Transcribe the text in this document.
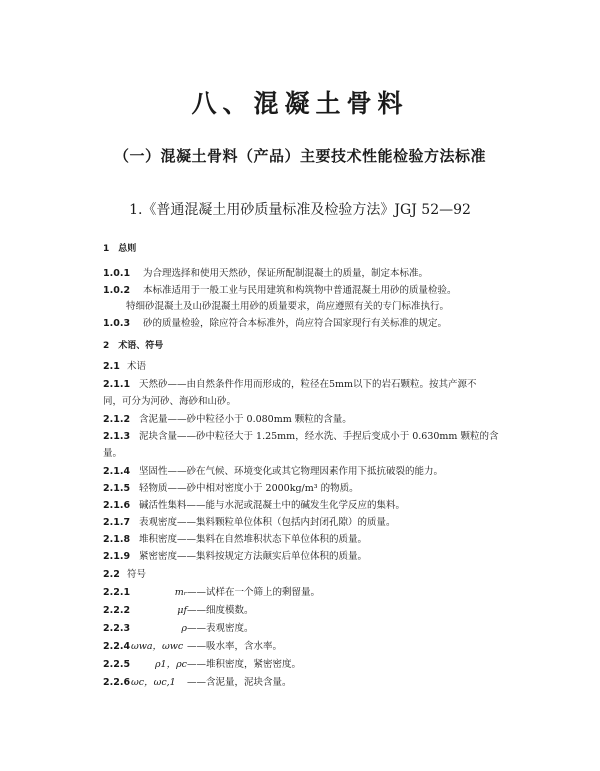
八、混凝土骨料
（一）混凝土骨料（产品）主要技术性能检验方法标准
1.《普通混凝土用砂质量标准及检验方法》JGJ 52—92
1　总则
1.0.1 为合理选择和使用天然砂，保证所配制混凝土的质量，制定本标准。
1.0.2 本标准适用于一般工业与民用建筑和构筑物中普通混凝土用砂的质量检验。
特细砂混凝土及山砂混凝土用砂的质量要求，尚应遵照有关的专门标准执行。
1.0.3 砂的质量检验，除应符合本标准外，尚应符合国家现行有关标准的规定。
2　术语、符号
2.1 术语
2.1.1 天然砂——由自然条件作用而形成的，粒径在5mm以下的岩石颗粒。按其产源不
同，可分为河砂、海砂和山砂。
2.1.2 含泥量——砂中粒径小于 0.080mm 颗粒的含量。
2.1.3 泥块含量——砂中粒径大于 1.25mm，经水洗、手捏后变成小于 0.630mm 颗粒的含
量。
2.1.4 坚固性——砂在气候、环境变化或其它物理因素作用下抵抗破裂的能力。
2.1.5 轻物质——砂中相对密度小于 2000kg/m³ 的物质。
2.1.6 碱活性集料——能与水泥或混凝土中的碱发生化学反应的集料。
2.1.7 表观密度——集料颗粒单位体积（包括内封闭孔隙）的质量。
2.1.8 堆积密度——集料在自然堆积状态下单位体积的质量。
2.1.9 紧密密度——集料按规定方法颠实后单位体积的质量。
2.2 符号
2.2.1	mᵣ——试样在一个筛上的剩留量。
2.2.2	μf——细度模数。
2.2.3	ρ——表观密度。
2.2.4ωwa，ωwc ——吸水率，含水率。
2.2.5	ρ1，ρc——堆积密度，紧密密度。
2.2.6ωc，ωc,1 ——含泥量，泥块含量。
